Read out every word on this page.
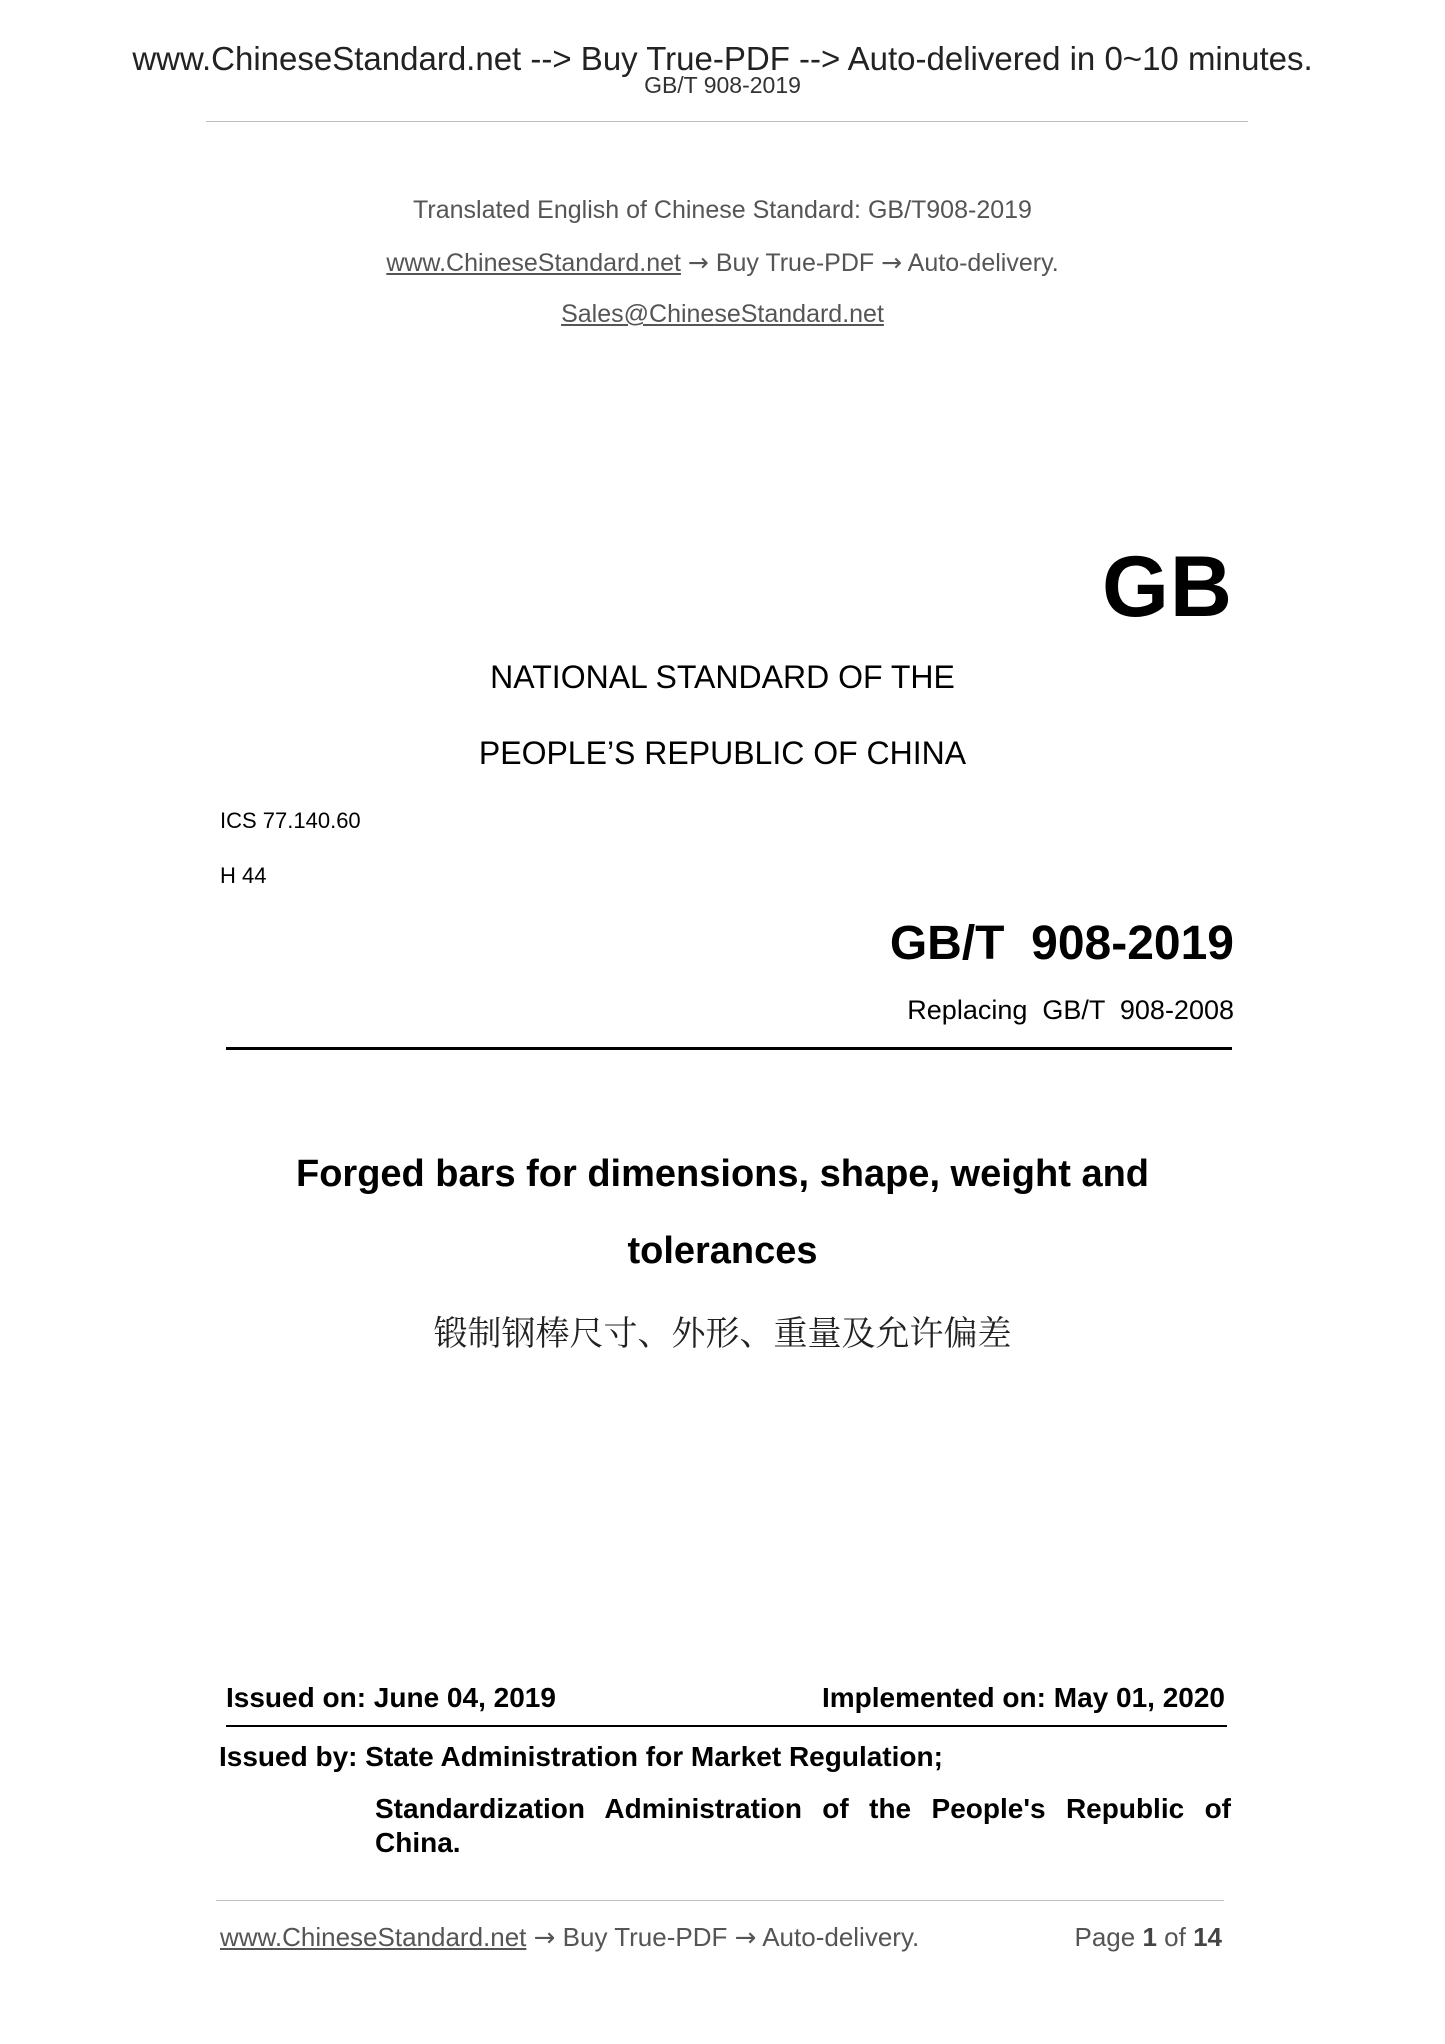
www.ChineseStandard.net --> Buy True-PDF --> Auto-delivered in 0~10 minutes.
GB/T 908-2019
Translated English of Chinese Standard: GB/T908-2019
www.ChineseStandard.net → Buy True-PDF → Auto-delivery.
Sales@ChineseStandard.net
GB
NATIONAL STANDARD OF THE
PEOPLE’S REPUBLIC OF CHINA
ICS 77.140.60
H 44
GB/T  908-2019
Replacing  GB/T  908-2008
Forged bars for dimensions, shape, weight and
tolerances
锻制钢棒尺寸、外形、重量及允许偏差
Issued on: June 04, 2019	Implemented on: May 01, 2020
Issued by: State Administration for Market Regulation;
Standardization Administration of the People's Republic of
China.
www.ChineseStandard.net → Buy True-PDF → Auto-delivery.	Page 1 of 14
